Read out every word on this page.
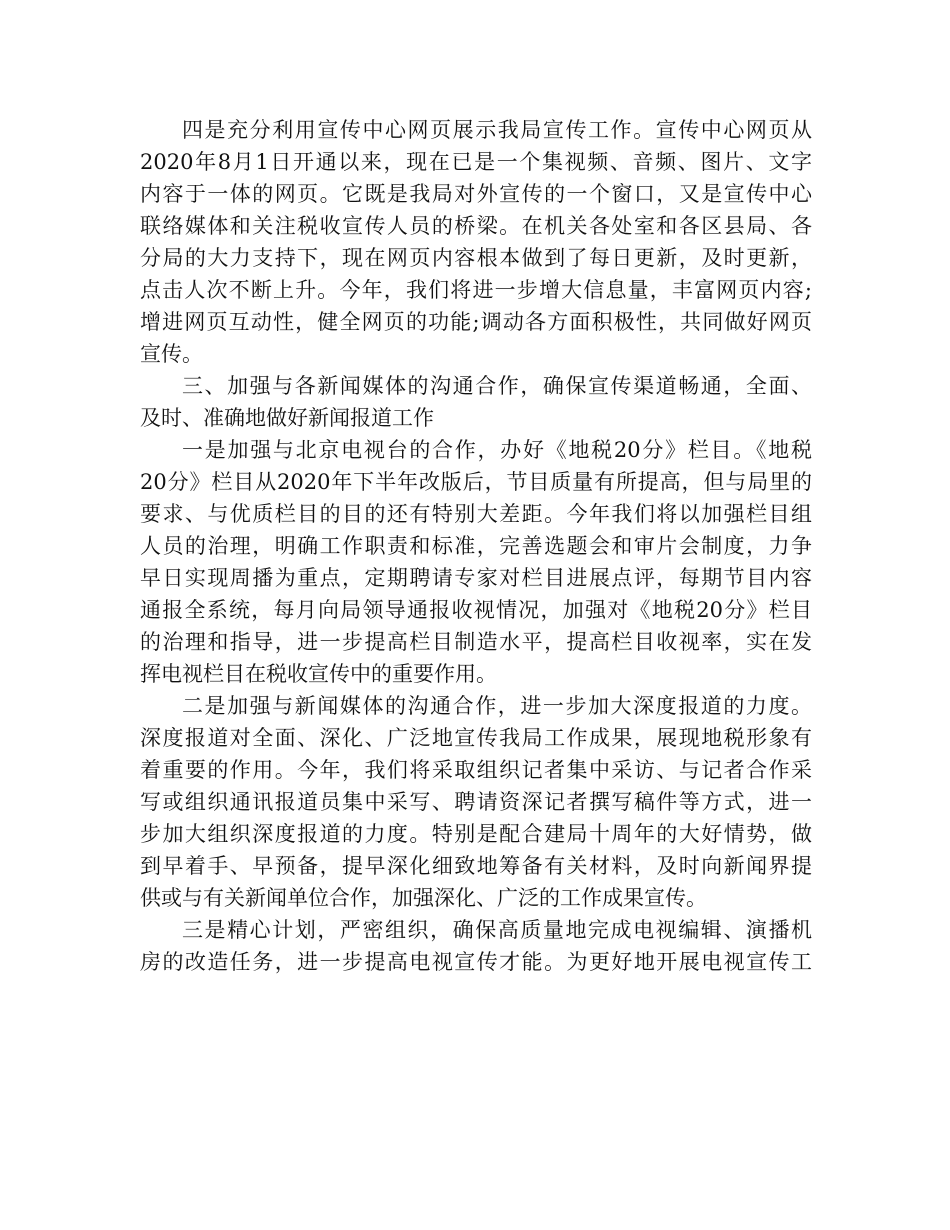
四是充分利用宣传中心网页展示我局宣传工作。宣传中心网页从
2020年8月1日开通以来，现在已是一个集视频、音频、图片、文字
内容于一体的网页。它既是我局对外宣传的一个窗口，又是宣传中心
联络媒体和关注税收宣传人员的桥梁。在机关各处室和各区县局、各
分局的大力支持下，现在网页内容根本做到了每日更新，及时更新，
点击人次不断上升。今年，我们将进一步增大信息量，丰富网页内容;
增进网页互动性，健全网页的功能;调动各方面积极性，共同做好网页
宣传。
三、加强与各新闻媒体的沟通合作，确保宣传渠道畅通，全面、
及时、准确地做好新闻报道工作
一是加强与北京电视台的合作，办好《地税20分》栏目。《地税
20分》栏目从2020年下半年改版后，节目质量有所提高，但与局里的
要求、与优质栏目的目的还有特别大差距。今年我们将以加强栏目组
人员的治理，明确工作职责和标准，完善选题会和审片会制度，力争
早日实现周播为重点，定期聘请专家对栏目进展点评，每期节目内容
通报全系统，每月向局领导通报收视情况，加强对《地税20分》栏目
的治理和指导，进一步提高栏目制造水平，提高栏目收视率，实在发
挥电视栏目在税收宣传中的重要作用。
二是加强与新闻媒体的沟通合作，进一步加大深度报道的力度。
深度报道对全面、深化、广泛地宣传我局工作成果，展现地税形象有
着重要的作用。今年，我们将采取组织记者集中采访、与记者合作采
写或组织通讯报道员集中采写、聘请资深记者撰写稿件等方式，进一
步加大组织深度报道的力度。特别是配合建局十周年的大好情势，做
到早着手、早预备，提早深化细致地筹备有关材料，及时向新闻界提
供或与有关新闻单位合作，加强深化、广泛的工作成果宣传。
三是精心计划，严密组织，确保高质量地完成电视编辑、演播机
房的改造任务，进一步提高电视宣传才能。为更好地开展电视宣传工
